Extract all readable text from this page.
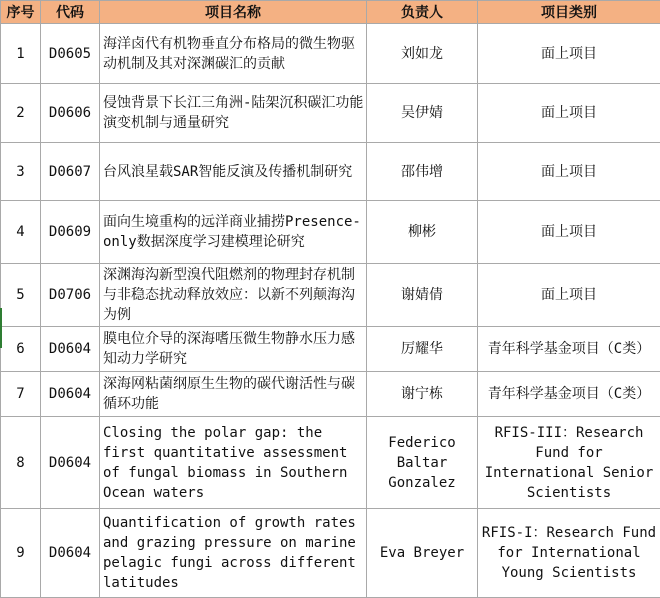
序号	代码	项目名称	负责人	项目类别
1	D0605	海洋卤代有机物垂直分布格局的微生物驱动机制及其对深渊碳汇的贡献	刘如龙	面上项目

2	D0606	侵蚀背景下长江三角洲-陆架沉积碳汇功能演变机制与通量研究	吴伊婧	面上项目

3	D0607	台风浪星载SAR智能反演及传播机制研究	邵伟增	面上项目

4	D0609	面向生境重构的远洋商业捕捞Presence-only数据深度学习建模理论研究	柳彬	面上项目

5	D0706	深渊海沟新型溴代阻燃剂的物理封存机制与非稳态扰动释放效应：以新不列颠海沟为例	谢婧倩	面上项目

6	D0604	膜电位介导的深海嗜压微生物静水压力感知动力学研究	厉耀华	青年科学基金项目（C类）

7	D0604	深海网粘菌纲原生生物的碳代谢活性与碳循环功能	谢宁栋	青年科学基金项目（C类）

8	D0604	Closing the polar gap: the first quantitative assessment of fungal biomass in Southern Ocean waters	Federico Baltar Gonzalez	RFIS-III：Research Fund for International Senior Scientists

9	D0604	Quantification of growth rates and grazing pressure on marine pelagic fungi across different latitudes	Eva Breyer	RFIS-I：Research Fund for International Young Scientists
